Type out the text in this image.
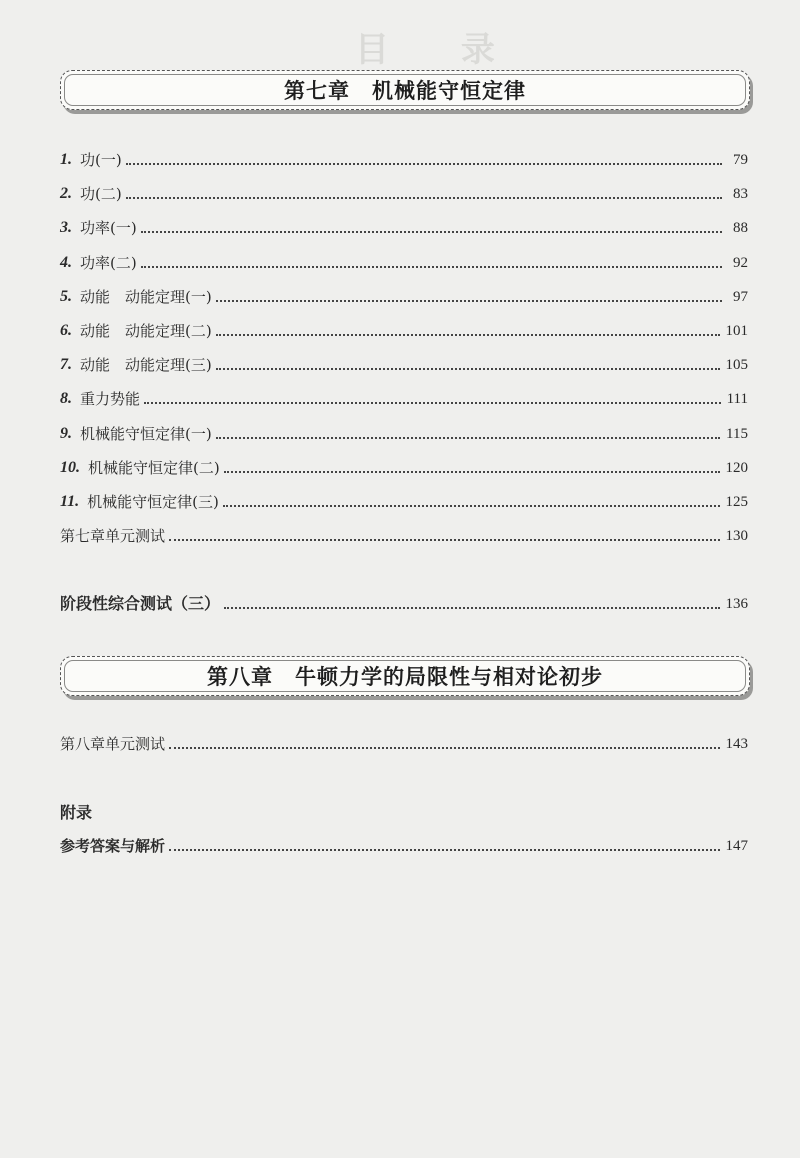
目 录
第七章　机械能守恒定律
1. 功(一)	79
2. 功(二)	83
3. 功率(一)	88
4. 功率(二)	92
5. 动能　动能定理(一)	97
6. 动能　动能定理(二)	101
7. 动能　动能定理(三)	105
8. 重力势能	111
9. 机械能守恒定律(一)	115
10. 机械能守恒定律(二)	120
11. 机械能守恒定律(三)	125
第七章单元测试	130
阶段性综合测试（三）	136
第八章　牛顿力学的局限性与相对论初步
第八章单元测试	143
附录
参考答案与解析	147
